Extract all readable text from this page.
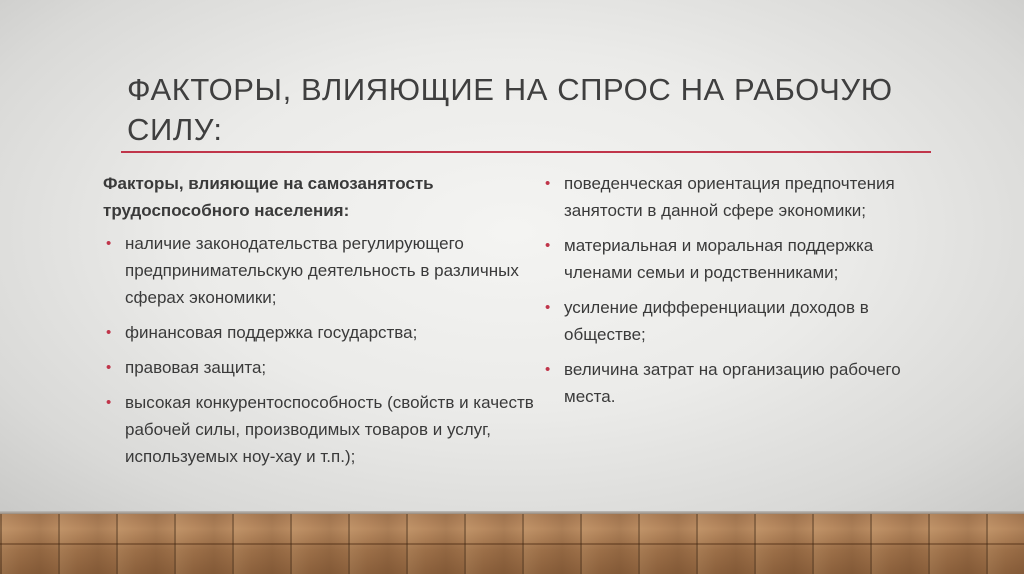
ФАКТОРЫ, ВЛИЯЮЩИЕ НА СПРОС НА РАБОЧУЮ СИЛУ:

Факторы, влияющие на самозанятость трудоспособного населения:

• наличие законодательства регулирующего предпринимательскую деятельность в различных сферах экономики;
• финансовая поддержка государства;
• правовая защита;
• высокая конкурентоспособность (свойств и качеств рабочей силы, производимых товаров и услуг, используемых ноу-хау и т.п.);
• поведенческая ориентация предпочтения занятости в данной сфере экономики;
• материальная и моральная поддержка членами семьи и родственниками;
• усиление дифференциации доходов в обществе;
• величина затрат на организацию рабочего места.
